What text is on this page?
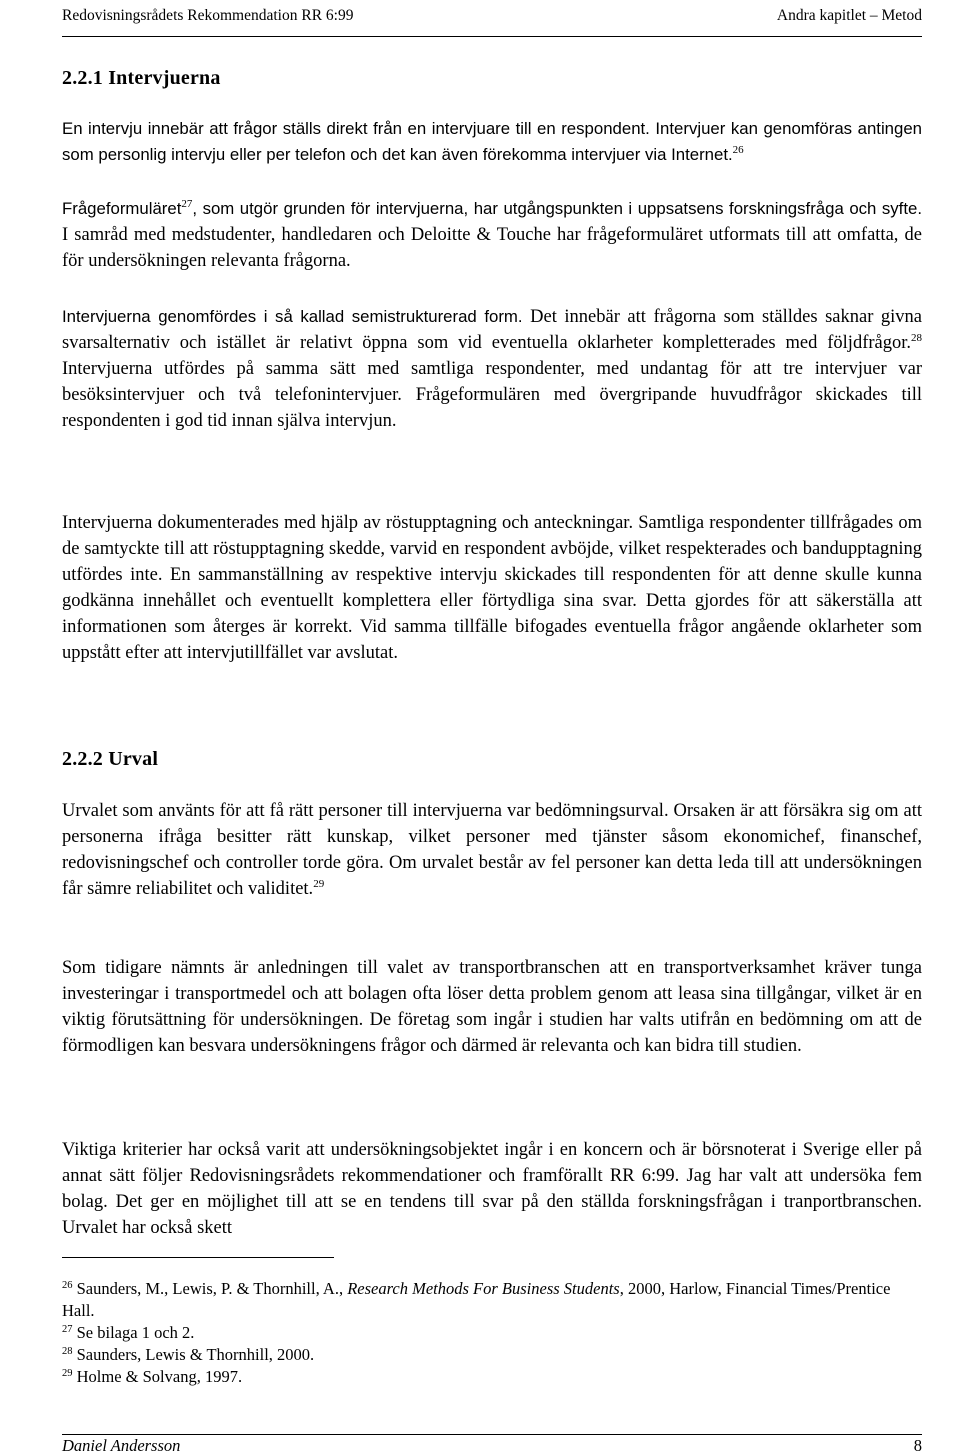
Redovisningsrådets Rekommendation RR 6:99	Andra kapitlet – Metod
2.2.1 Intervjuerna

En intervju innebär att frågor ställs direkt från en intervjuare till en respondent. Intervjuer kan genomföras antingen som personlig intervju eller per telefon och det kan även förekomma intervjuer via Internet.$^{26}$

Frågeformuläret$^{27}$, som utgör grunden för intervjuerna, har utgångspunkten i uppsatsens forskningsfråga och syfte. I samråd med medstudenter, handledaren och Deloitte & Touche har frågeformuläret utformats till att omfatta, de för undersökningen relevanta frågorna.

Intervjuerna genomfördes i så kallad semistrukturerad form. Det innebär att frågorna som ställdes saknar givna svarsalternativ och istället är relativt öppna som vid eventuella oklarheter kompletterades med följdfrågor.$^{28}$ Intervjuerna utfördes på samma sätt med samtliga respondenter, med undantag för att tre intervjuer var besöksintervjuer och två telefonintervjuer. Frågeformulären med övergripande huvudfrågor skickades till respondenten i god tid innan själva intervjun.

Intervjuerna dokumenterades med hjälp av röstupptagning och anteckningar. Samtliga respondenter tillfrågades om de samtyckte till att röstupptagning skedde, varvid en respondent avböjde, vilket respekterades och bandupptagning utfördes inte. En sammanställning av respektive intervju skickades till respondenten för att denne skulle kunna godkänna innehållet och eventuellt komplettera eller förtydliga sina svar. Detta gjordes för att säkerställa att informationen som återges är korrekt. Vid samma tillfälle bifogades eventuella frågor angående oklarheter som uppstått efter att intervjutillfället var avslutat.

2.2.2 Urval

Urvalet som använts för att få rätt personer till intervjuerna var bedömningsurval. Orsaken är att försäkra sig om att personerna ifråga besitter rätt kunskap, vilket personer med tjänster såsom ekonomichef, finanschef, redovisningschef och controller torde göra. Om urvalet består av fel personer kan detta leda till att undersökningen får sämre reliabilitet och validitet.$^{29}$

Som tidigare nämnts är anledningen till valet av transportbranschen att en transportverksamhet kräver tunga investeringar i transportmedel och att bolagen ofta löser detta problem genom att leasa sina tillgångar, vilket är en viktig förutsättning för undersökningen. De företag som ingår i studien har valts utifrån en bedömning om att de förmodligen kan besvara undersökningens frågor och därmed är relevanta och kan bidra till studien.

Viktiga kriterier har också varit att undersökningsobjektet ingår i en koncern och är börsnoterat i Sverige eller på annat sätt följer Redovisningsrådets rekommendationer och framförallt RR 6:99. Jag har valt att undersöka fem bolag. Det ger en möjlighet till att se en tendens till svar på den ställda forskningsfrågan i tranportbranschen. Urvalet har också skett

$^{26}$ Saunders, M., Lewis, P. & Thornhill, A., Research Methods For Business Students, 2000, Harlow, Financial Times/Prentice Hall.

$^{27}$ Se bilaga 1 och 2.

$^{28}$ Saunders, Lewis & Thornhill, 2000.

$^{29}$ Holme & Solvang, 1997.

Daniel Andersson	8
